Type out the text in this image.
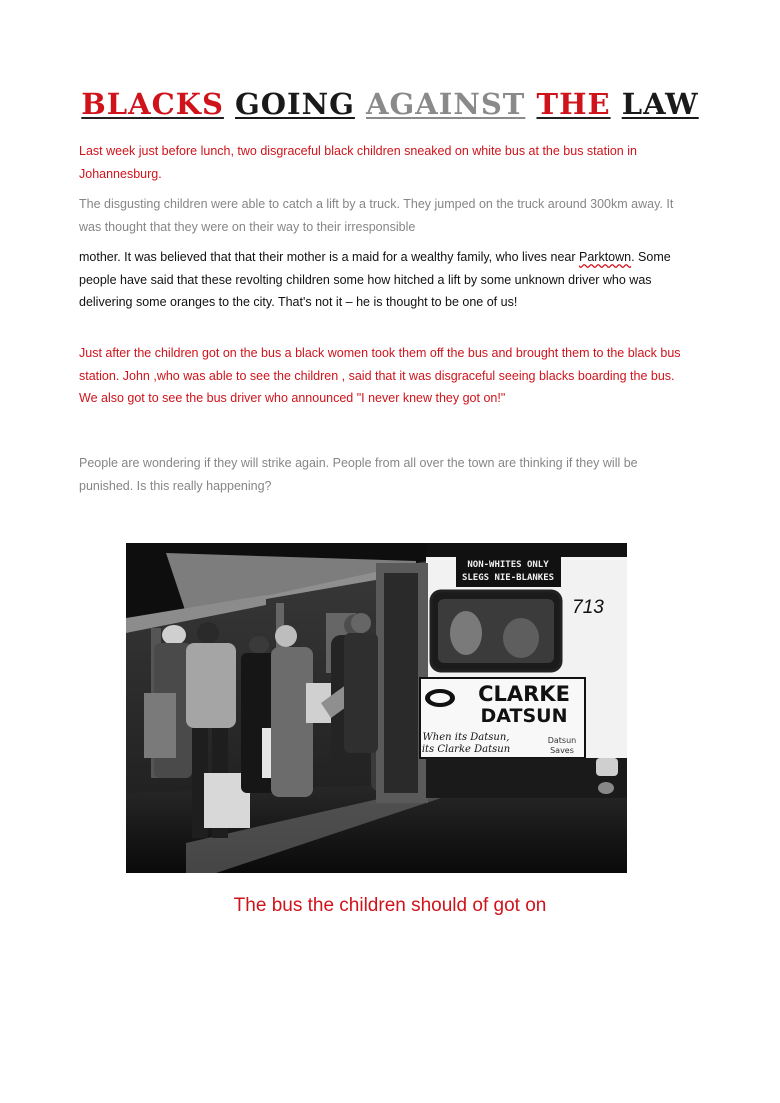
BLACKS GOING AGAINST THE LAW
Last week just before lunch, two disgraceful black children sneaked on white bus at the bus station in Johannesburg.
The disgusting children were able to catch a lift by a truck. They jumped on the truck around 300km away. It was thought that they were on their way to their irresponsible
mother. It was believed that that their mother is a maid for a wealthy family, who lives near Parktown. Some people have said that these revolting children some how hitched a lift by some unknown driver who was delivering some oranges to the city. That's not it – he is thought to be one of us!
Just after the children got on the bus a black women took them off the bus and brought them to the black bus station. John ,who was able to see the children , said that it was disgraceful seeing blacks boarding the bus. We also got to see the bus driver who announced "I never knew they got on!"
People are wondering if they will strike again. People from all over the town are thinking if they will be punished. Is this really happening?
NON-WHITES ONLY
SLEGS NIE-BLANKES
713
CLARKE
DATSUN
When its Datsun,
its Clarke Datsun
Datsun
Saves
The bus the children should of got on
